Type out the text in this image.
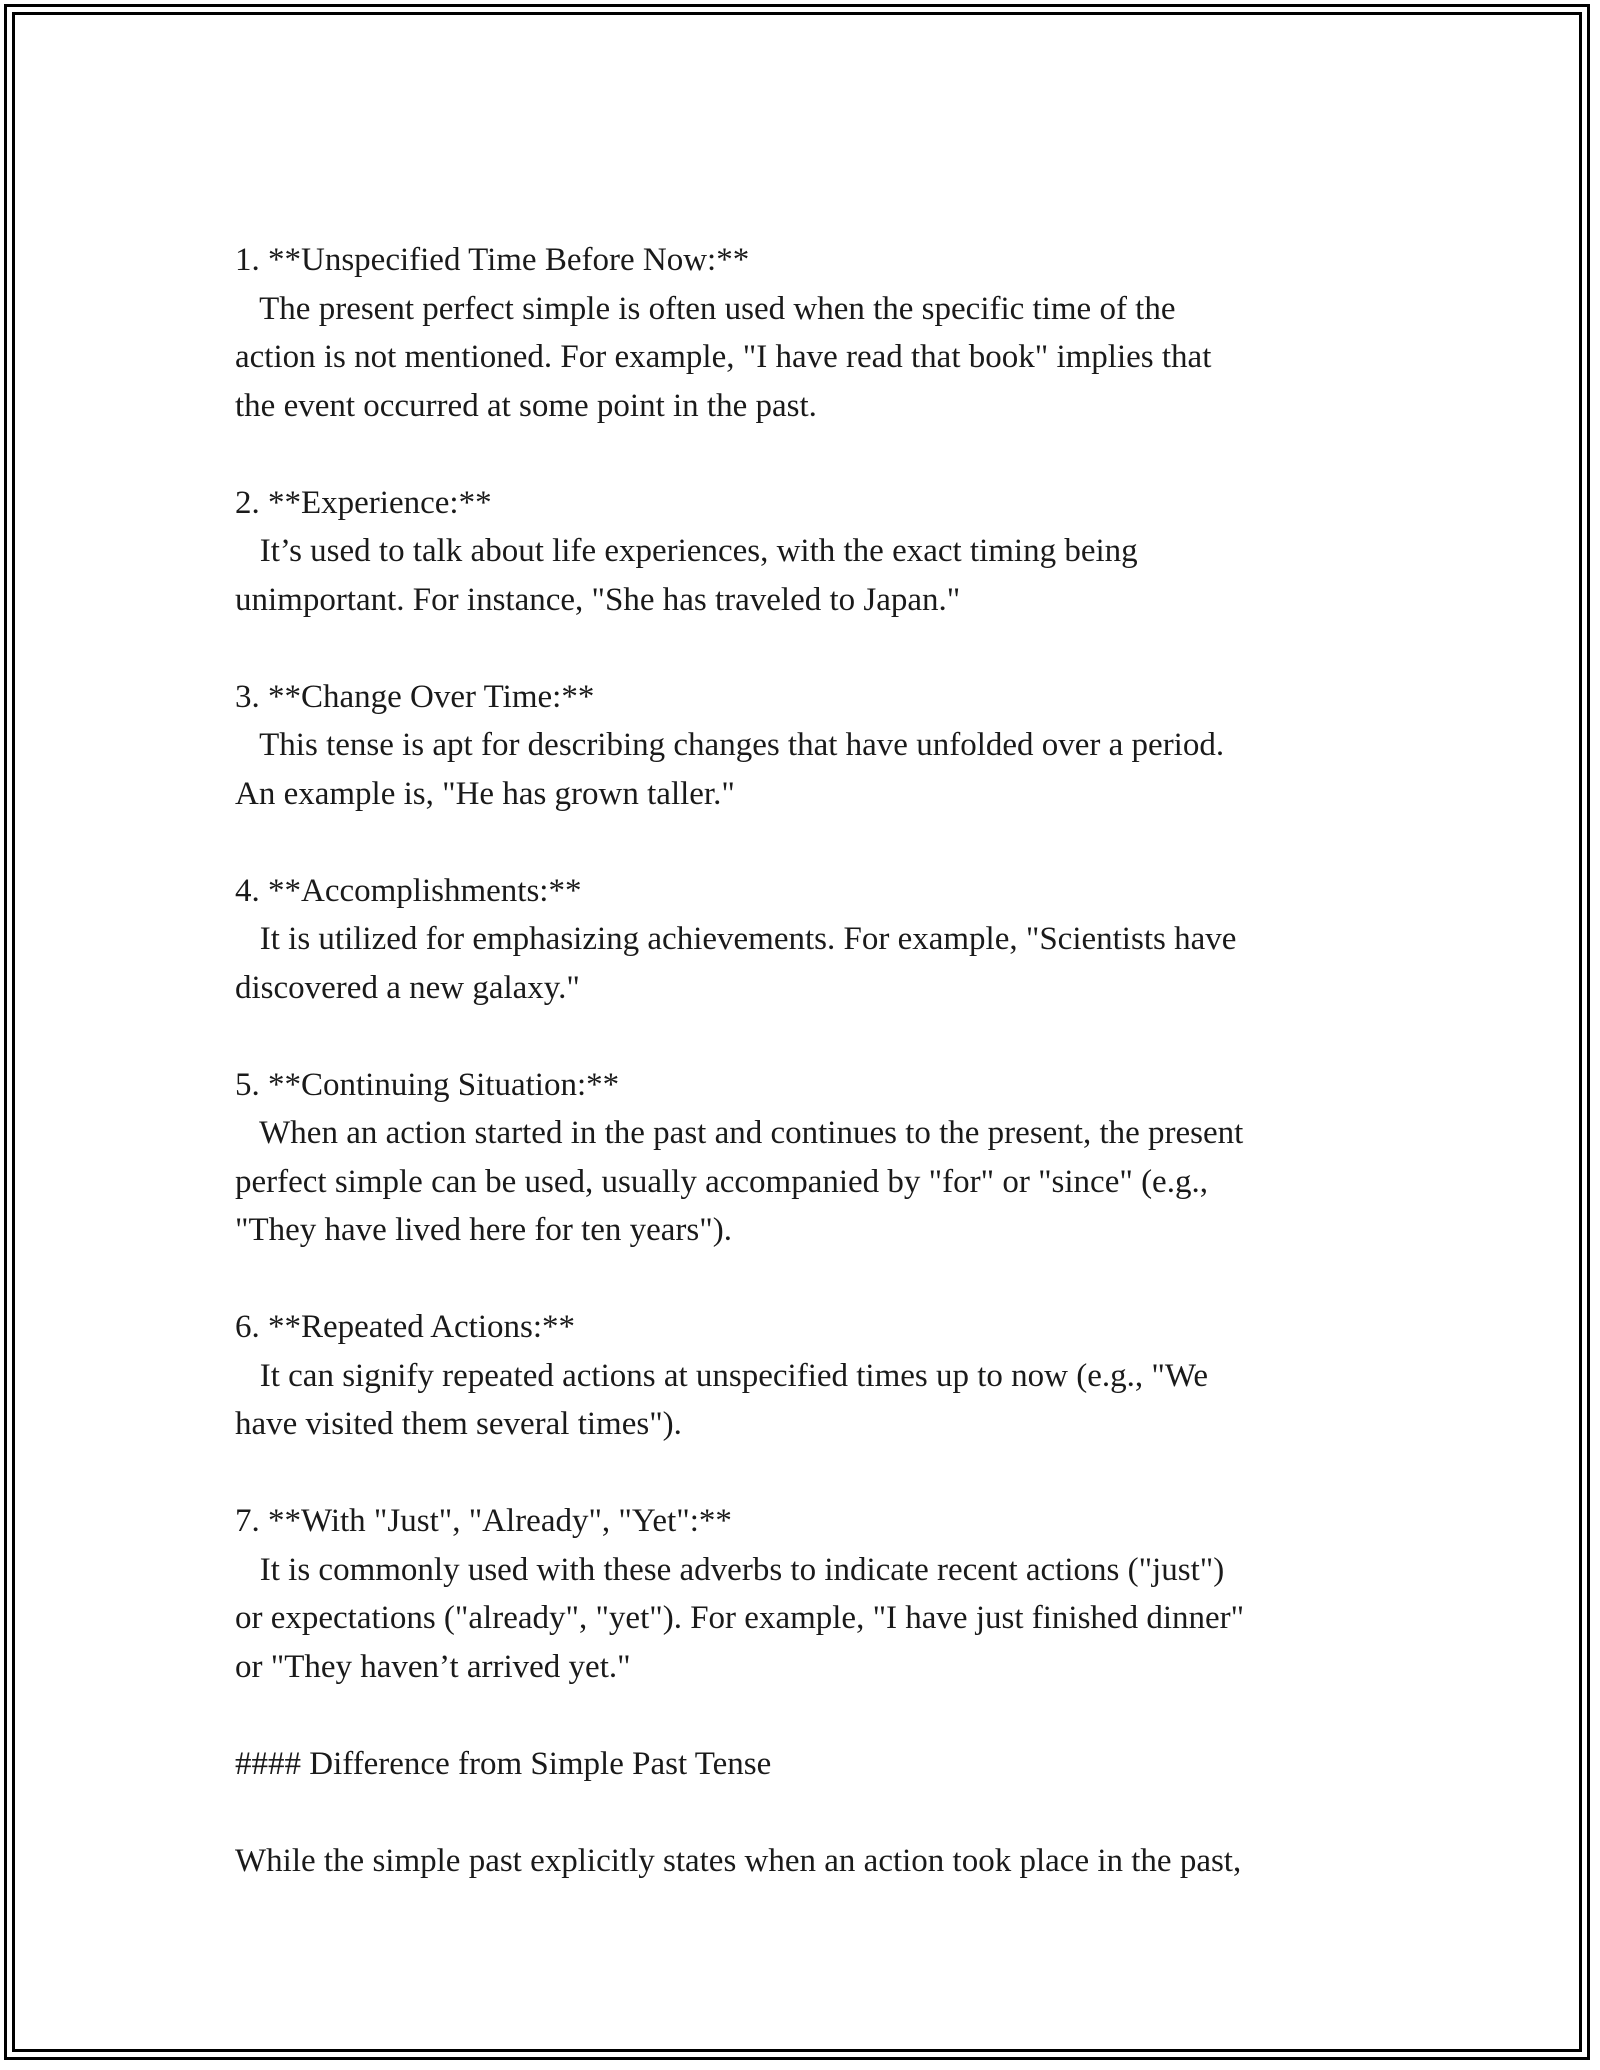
1. **Unspecified Time Before Now:**

The present perfect simple is often used when the specific time of the

action is not mentioned. For example, "I have read that book" implies that

the event occurred at some point in the past.

2. **Experience:**

It’s used to talk about life experiences, with the exact timing being

unimportant. For instance, "She has traveled to Japan."

3. **Change Over Time:**

This tense is apt for describing changes that have unfolded over a period.

An example is, "He has grown taller."

4. **Accomplishments:**

It is utilized for emphasizing achievements. For example, "Scientists have

discovered a new galaxy."

5. **Continuing Situation:**

When an action started in the past and continues to the present, the present

perfect simple can be used, usually accompanied by "for" or "since" (e.g.,

"They have lived here for ten years").

6. **Repeated Actions:**

It can signify repeated actions at unspecified times up to now (e.g., "We

have visited them several times").

7. **With "Just", "Already", "Yet":**

It is commonly used with these adverbs to indicate recent actions ("just")

or expectations ("already", "yet"). For example, "I have just finished dinner"

or "They haven’t arrived yet."

#### Difference from Simple Past Tense

While the simple past explicitly states when an action took place in the past,
